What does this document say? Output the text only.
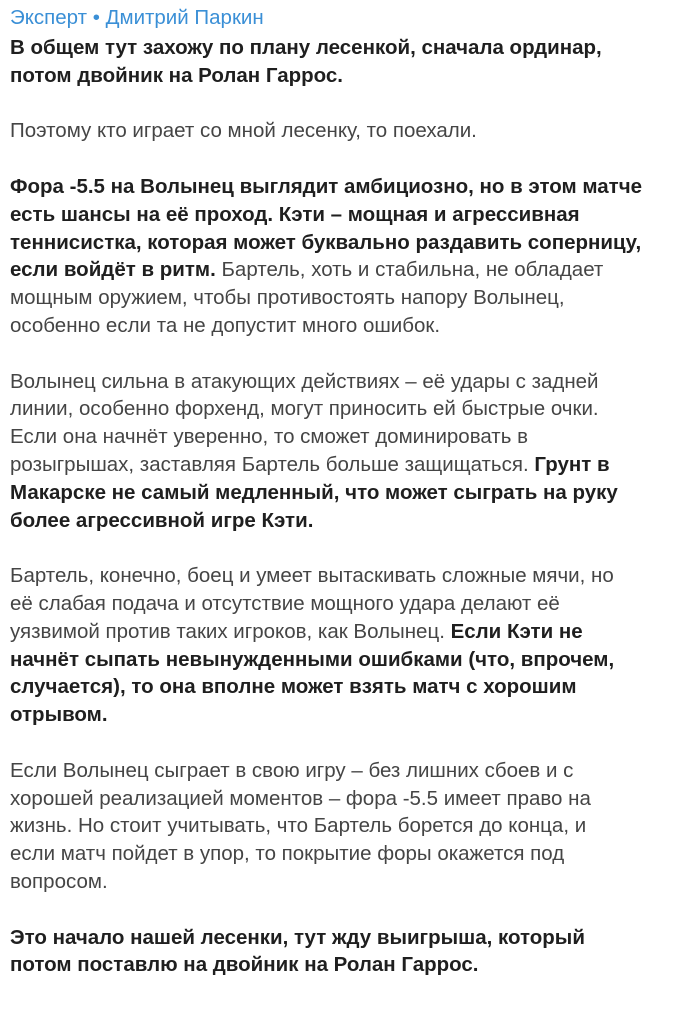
Эксперт • Дмитрий Паркин
В общем тут захожу по плану лесенкой, сначала ординар,
потом двойник на Ролан Гаррос.
Поэтому кто играет со мной лесенку, то поехали.
Фора -5.5 на Волынец выглядит амбициозно, но в этом матче
есть шансы на её проход. Кэти – мощная и агрессивная
теннисистка, которая может буквально раздавить соперницу,
если войдёт в ритм. Бартель, хоть и стабильна, не обладает
мощным оружием, чтобы противостоять напору Волынец,
особенно если та не допустит много ошибок.
Волынец сильна в атакующих действиях – её удары с задней
линии, особенно форхенд, могут приносить ей быстрые очки.
Если она начнёт уверенно, то сможет доминировать в
розыгрышах, заставляя Бартель больше защищаться. Грунт в
Макарске не самый медленный, что может сыграть на руку
более агрессивной игре Кэти.
Бартель, конечно, боец и умеет вытаскивать сложные мячи, но
её слабая подача и отсутствие мощного удара делают её
уязвимой против таких игроков, как Волынец. Если Кэти не
начнёт сыпать невынужденными ошибками (что, впрочем,
случается), то она вполне может взять матч с хорошим
отрывом.
Если Волынец сыграет в свою игру – без лишних сбоев и с
хорошей реализацией моментов – фора -5.5 имеет право на
жизнь. Но стоит учитывать, что Бартель борется до конца, и
если матч пойдет в упор, то покрытие форы окажется под
вопросом.
Это начало нашей лесенки, тут жду выигрыша, который
потом поставлю на двойник на Ролан Гаррос.
